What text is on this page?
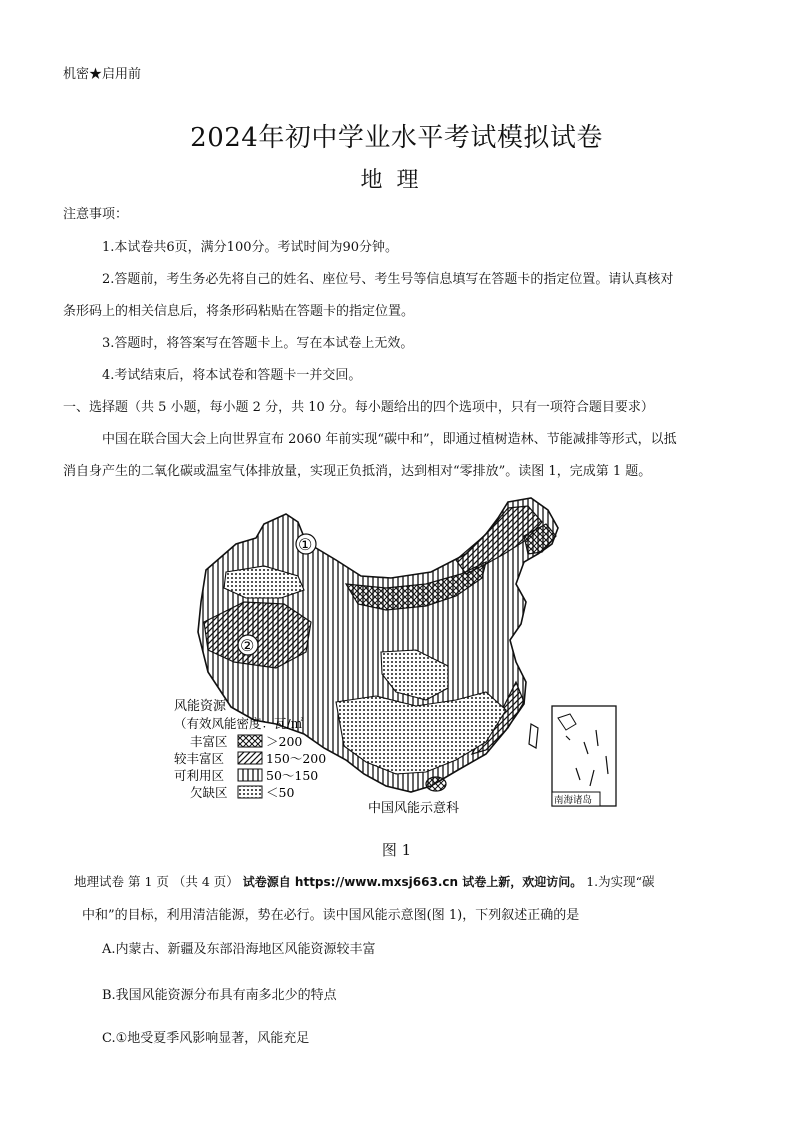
机密★启用前
2024年初中学业水平考试模拟试卷
地理
注意事项：
1.本试卷共6页，满分100分。考试时间为90分钟。
2.答题前，考生务必先将自己的姓名、座位号、考生号等信息填写在答题卡的指定位置。请认真核对
条形码上的相关信息后，将条形码粘贴在答题卡的指定位置。
3.答题时，将答案写在答题卡上。写在本试卷上无效。
4.考试结束后，将本试卷和答题卡一并交回。
一、选择题（共 5 小题，每小题 2 分，共 10 分。每小题给出的四个选项中，只有一项符合题目要求）
中国在联合国大会上向世界宣布 2060 年前实现“碳中和”，即通过植树造林、节能减排等形式，以抵
消自身产生的二氧化碳或温室气体排放量，实现正负抵消，达到相对“零排放”。读图 1，完成第 1 题。
①
②
风能资源
（有效风能密度：瓦/㎡
丰富区	＞200
较丰富区	150～200
可利用区	50～150
欠缺区	＜50
中国风能示意科
南海诸岛
图 1
地理试卷 第 1 页 （共 4 页） 试卷源自 https://www.mxsj663.cn 试卷上新，欢迎访问。 1.为实现“碳
中和”的目标，利用清洁能源，势在必行。读中国风能示意图(图 1)，下列叙述正确的是
A.内蒙古、新疆及东部沿海地区风能资源较丰富
B.我国风能资源分布具有南多北少的特点
C.①地受夏季风影响显著，风能充足
